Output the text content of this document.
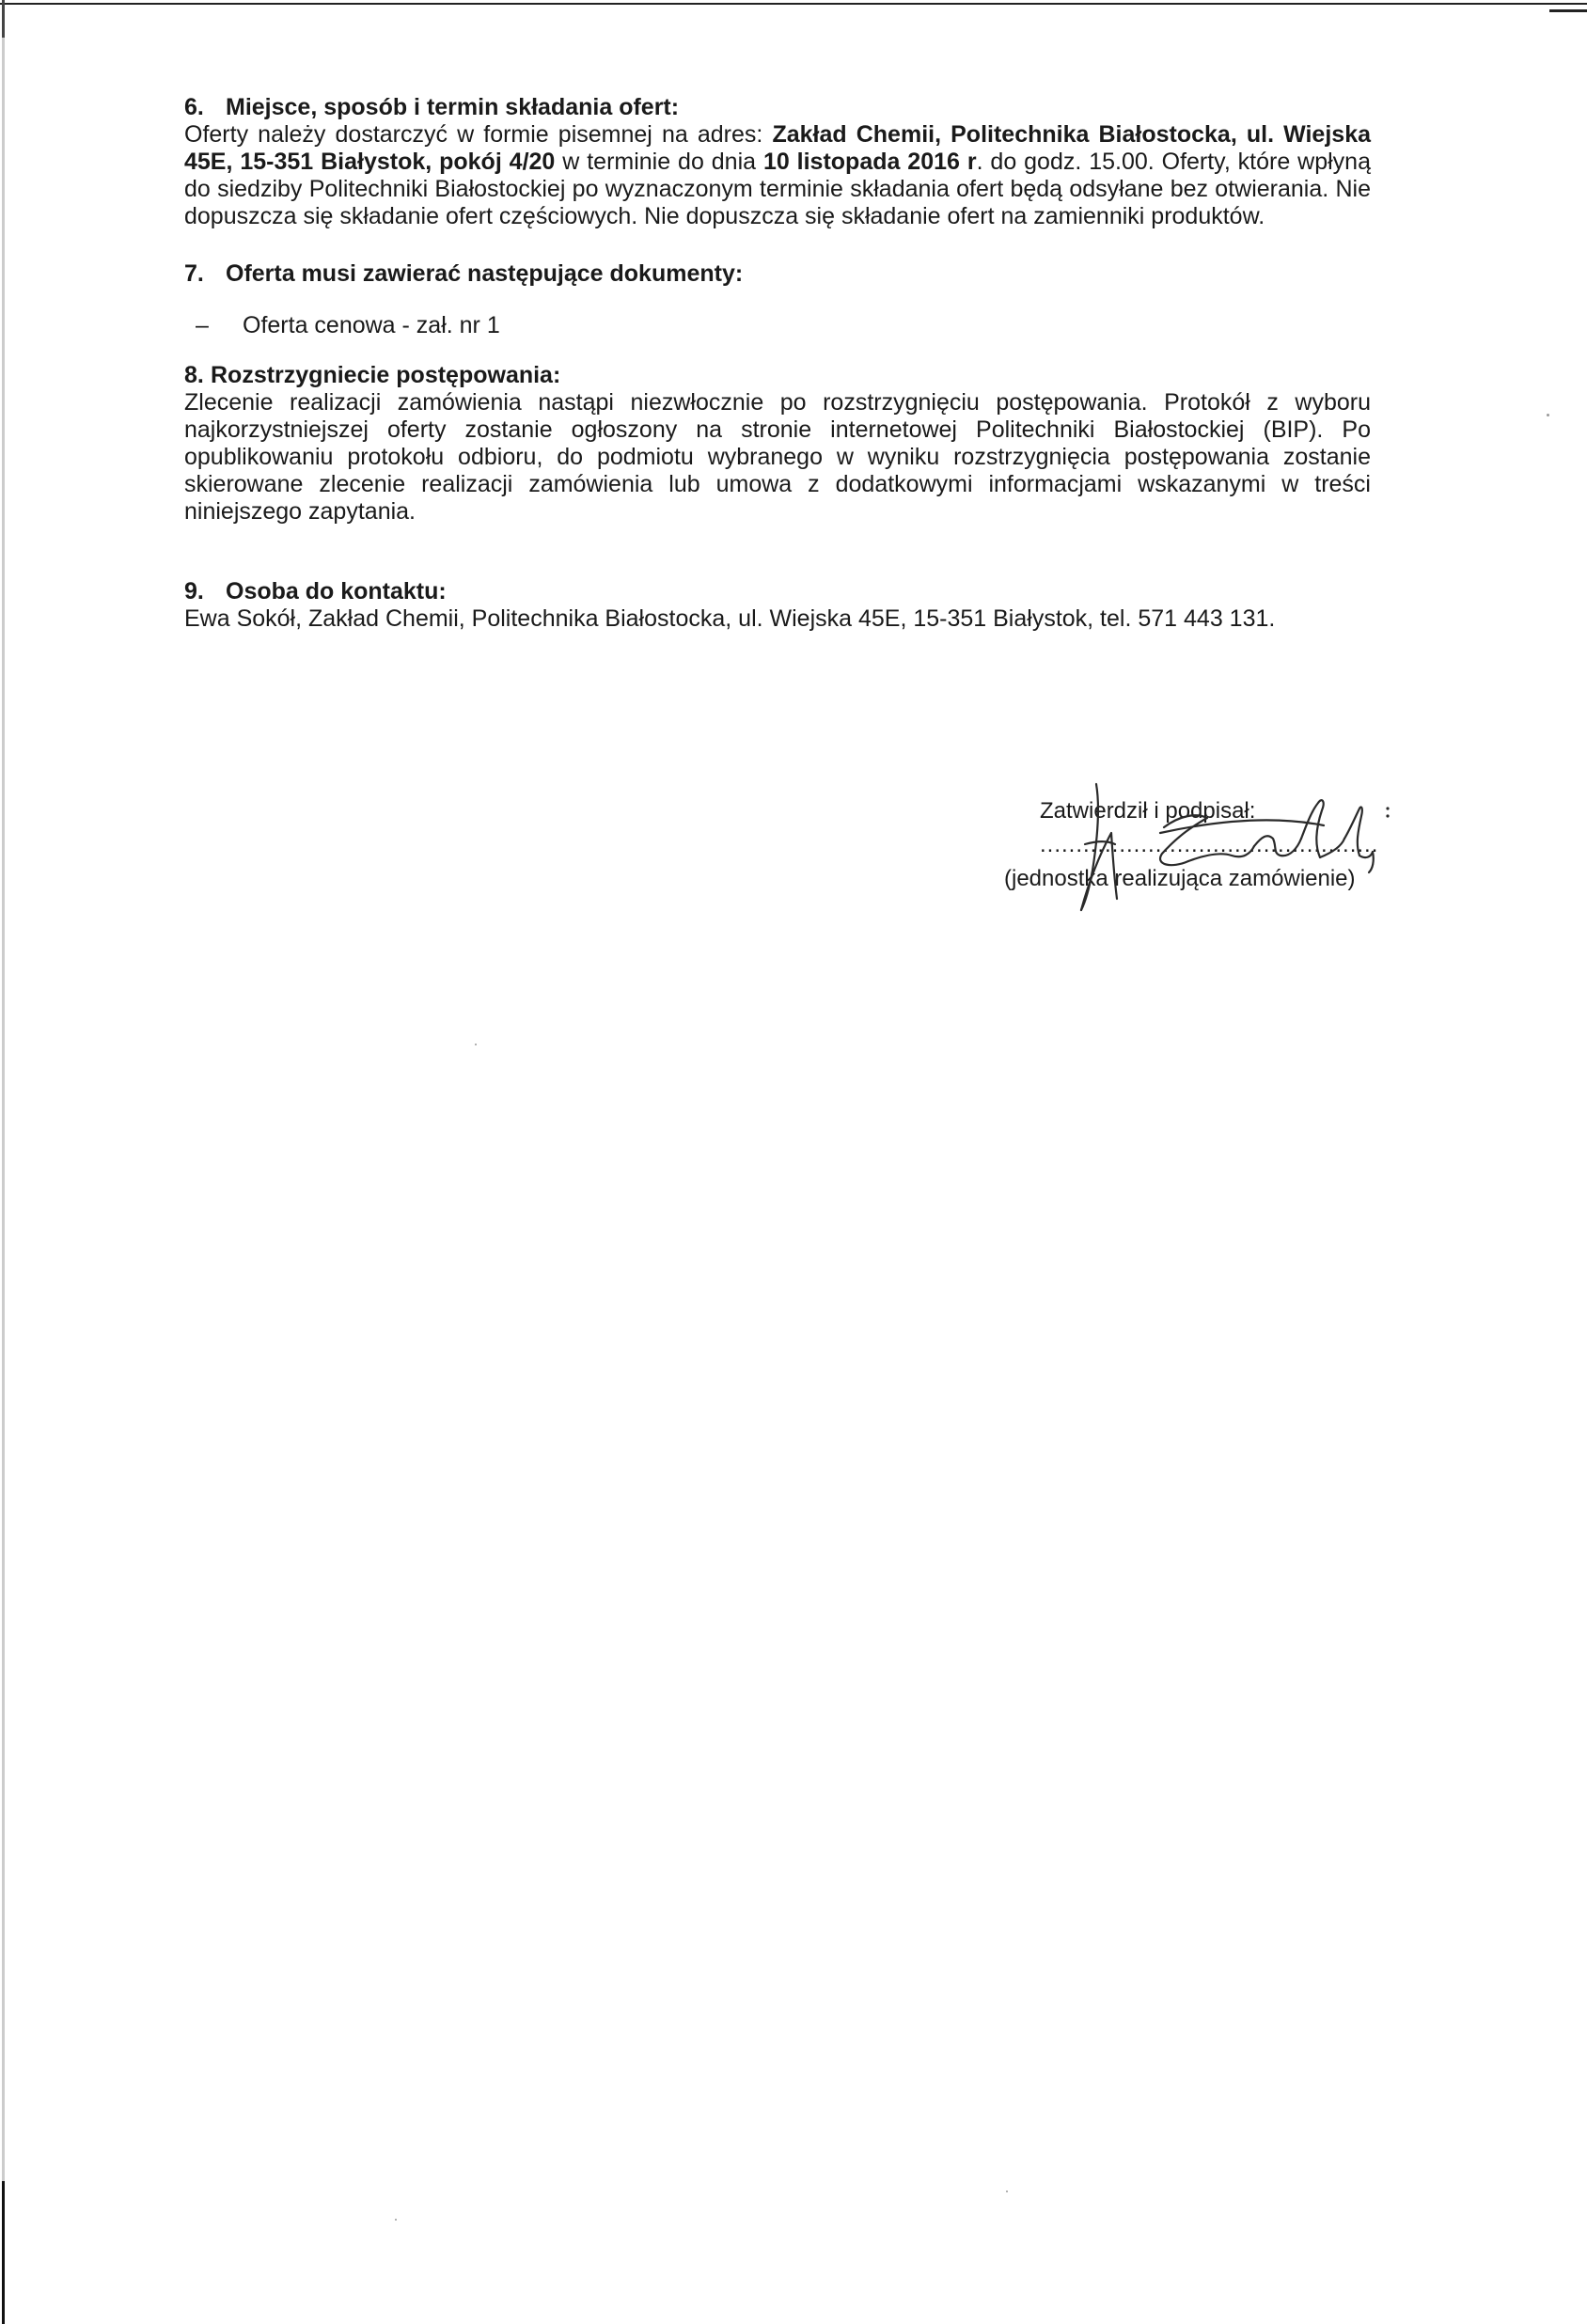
6. Miejsce, sposób i termin składania ofert:

Oferty należy dostarczyć w formie pisemnej na adres: Zakład Chemii, Politechnika Białostocka, ul. Wiejska 45E, 15-351 Białystok, pokój 4/20 w terminie do dnia 10 listopada 2016 r. do godz. 15.00. Oferty, które wpłyną do siedziby Politechniki Białostockiej po wyznaczonym terminie składania ofert będą odsyłane bez otwierania. Nie dopuszcza się składanie ofert częściowych. Nie dopuszcza się składanie ofert na zamienniki produktów.

7. Oferta musi zawierać następujące dokumenty:
–	Oferta cenowa - zał. nr 1
8. Rozstrzygniecie postępowania:

Zlecenie realizacji zamówienia nastąpi niezwłocznie po rozstrzygnięciu postępowania. Protokół z wyboru najkorzystniejszej oferty zostanie ogłoszony na stronie internetowej Politechniki Białostockiej (BIP). Po opublikowaniu protokołu odbioru, do podmiotu wybranego w wyniku rozstrzygnięcia postępowania zostanie skierowane zlecenie realizacji zamówienia lub umowa z dodatkowymi informacjami wskazanymi w treści niniejszego zapytania.

9. Osoba do kontaktu:

Ewa Sokół, Zakład Chemii, Politechnika Białostocka, ul. Wiejska 45E, 15-351 Białystok, tel. 571 443 131.

Zatwierdził i podpisał:
...............................................
(jednostka realizująca zamówienie)
